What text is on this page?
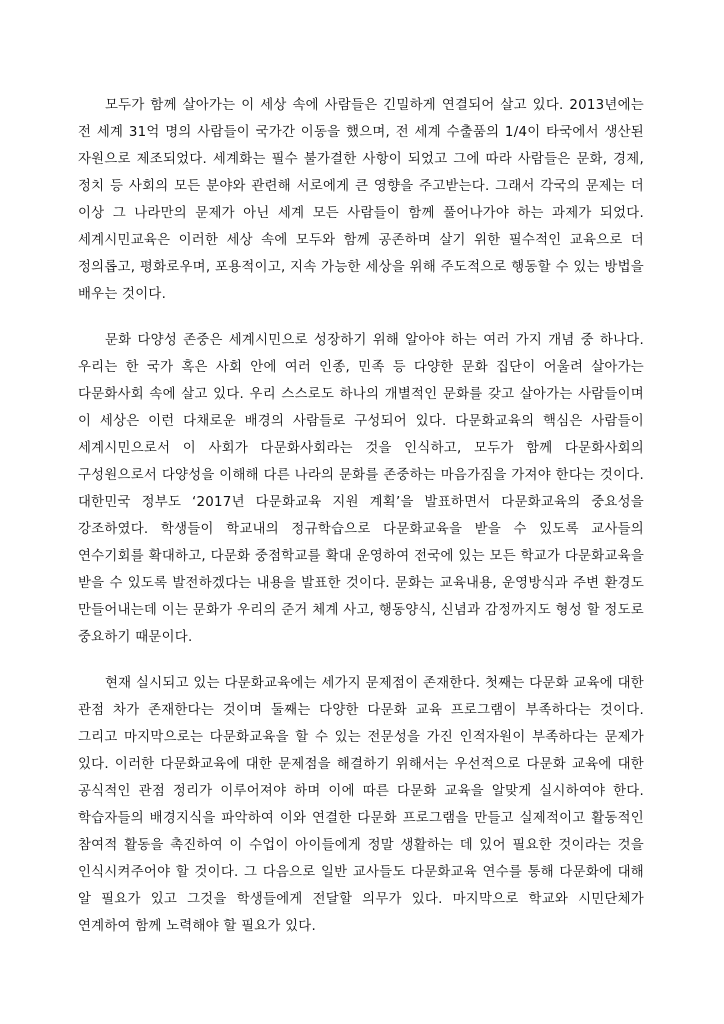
모두가 함께 살아가는 이 세상 속에 사람들은 긴밀하게 연결되어 살고 있다. 2013년에는 전 세계 31억 명의 사람들이 국가간 이동을 했으며, 전 세계 수출품의 1/4이 타국에서 생산된 자원으로 제조되었다. 세계화는 필수 불가결한 사항이 되었고 그에 따라 사람들은 문화, 경제, 정치 등 사회의 모든 분야와 관련해 서로에게 큰 영향을 주고받는다. 그래서 각국의 문제는 더 이상 그 나라만의 문제가 아닌 세계 모든 사람들이 함께 풀어나가야 하는 과제가 되었다. 세계시민교육은 이러한 세상 속에 모두와 함께 공존하며 살기 위한 필수적인 교육으로 더 정의롭고, 평화로우며, 포용적이고, 지속 가능한 세상을 위해 주도적으로 행동할 수 있는 방법을 배우는 것이다.

문화 다양성 존중은 세계시민으로 성장하기 위해 알아야 하는 여러 가지 개념 중 하나다. 우리는 한 국가 혹은 사회 안에 여러 인종, 민족 등 다양한 문화 집단이 어울려 살아가는 다문화사회 속에 살고 있다. 우리 스스로도 하나의 개별적인 문화를 갖고 살아가는 사람들이며 이 세상은 이런 다채로운 배경의 사람들로 구성되어 있다. 다문화교육의 핵심은 사람들이 세계시민으로서 이 사회가 다문화사회라는 것을 인식하고, 모두가 함께 다문화사회의 구성원으로서 다양성을 이해해 다른 나라의 문화를 존중하는 마음가짐을 가져야 한다는 것이다. 대한민국 정부도 ‘2017년 다문화교육 지원 계획’을 발표하면서 다문화교육의 중요성을 강조하였다. 학생들이 학교내의 정규학습으로 다문화교육을 받을 수 있도록 교사들의 연수기회를 확대하고, 다문화 중점학교를 확대 운영하여 전국에 있는 모든 학교가 다문화교육을 받을 수 있도록 발전하겠다는 내용을 발표한 것이다. 문화는 교육내용, 운영방식과 주변 환경도 만들어내는데 이는 문화가 우리의 준거 체계 사고, 행동양식, 신념과 감정까지도 형성 할 정도로 중요하기 때문이다.

현재 실시되고 있는 다문화교육에는 세가지 문제점이 존재한다. 첫째는 다문화 교육에 대한 관점 차가 존재한다는 것이며 둘째는 다양한 다문화 교육 프로그램이 부족하다는 것이다. 그리고 마지막으로는 다문화교육을 할 수 있는 전문성을 가진 인적자원이 부족하다는 문제가 있다. 이러한 다문화교육에 대한 문제점을 해결하기 위해서는 우선적으로 다문화 교육에 대한 공식적인 관점 정리가 이루어져야 하며 이에 따른 다문화 교육을 알맞게 실시하여야 한다. 학습자들의 배경지식을 파악하여 이와 연결한 다문화 프로그램을 만들고 실제적이고 활동적인 참여적 활동을 촉진하여 이 수업이 아이들에게 정말 생활하는 데 있어 필요한 것이라는 것을 인식시켜주어야 할 것이다. 그 다음으로 일반 교사들도 다문화교육 연수를 통해 다문화에 대해 알 필요가 있고 그것을 학생들에게 전달할 의무가 있다. 마지막으로 학교와 시민단체가 연계하여 함께 노력해야 할 필요가 있다.
